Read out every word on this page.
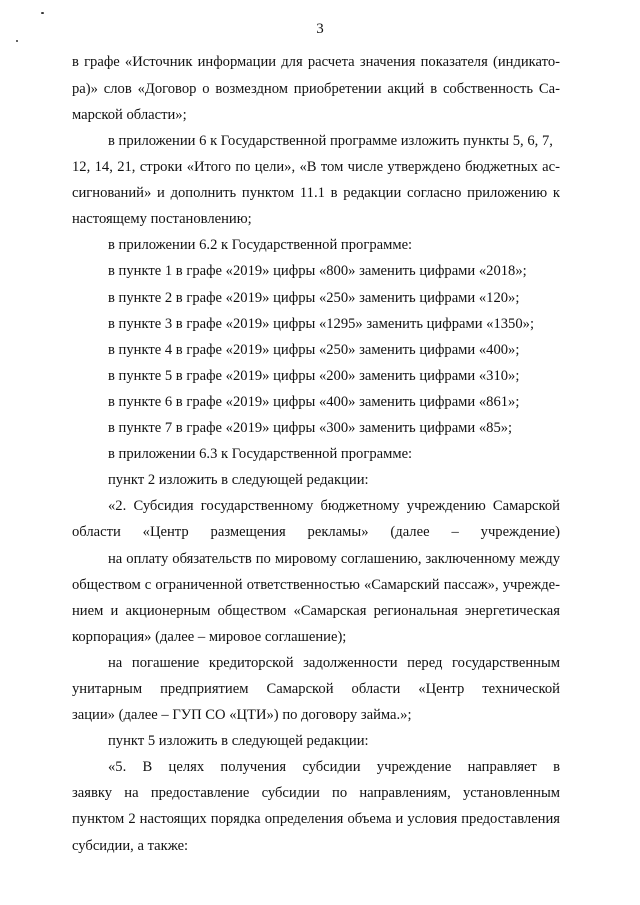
3
в графе «Источник информации для расчета значения показателя (индикато-
ра)» слов «Договор о возмездном приобретении акций в собственность Са-
марской области»;
в приложении 6 к Государственной программе изложить пункты 5, 6, 7,
12, 14, 21, строки «Итого по цели», «В том числе утверждено бюджетных ас-
сигнований» и дополнить пунктом 11.1 в редакции согласно приложению к
настоящему постановлению;
в приложении 6.2 к Государственной программе:
в пункте 1 в графе «2019» цифры «800» заменить цифрами «2018»;
в пункте 2 в графе «2019» цифры «250» заменить цифрами «120»;
в пункте 3 в графе «2019» цифры «1295» заменить цифрами «1350»;
в пункте 4 в графе «2019» цифры «250» заменить цифрами «400»;
в пункте 5 в графе «2019» цифры «200» заменить цифрами «310»;
в пункте 6 в графе «2019» цифры «400» заменить цифрами «861»;
в пункте 7 в графе «2019» цифры «300» заменить цифрами «85»;
в приложении 6.3 к Государственной программе:
пункт 2 изложить в следующей редакции:
«2. Субсидия государственному бюджетному учреждению Самарской
области «Центр размещения рекламы» (далее – учреждение)
на оплату обязательств по мировому соглашению, заключенному между
обществом с ограниченной ответственностью «Самарский пассаж», учрежде-
нием и акционерным обществом «Самарская региональная энергетическая
корпорация» (далее – мировое соглашение);
на погашение кредиторской задолженности перед государственным
унитарным предприятием Самарской области «Центр технической
зации» (далее – ГУП СО «ЦТИ») по договору займа.»;
пункт 5 изложить в следующей редакции:
«5. В целях получения субсидии учреждение направляет в
заявку на предоставление субсидии по направлениям, установленным
пунктом 2 настоящих порядка определения объема и условия предоставления
субсидии, а также:
